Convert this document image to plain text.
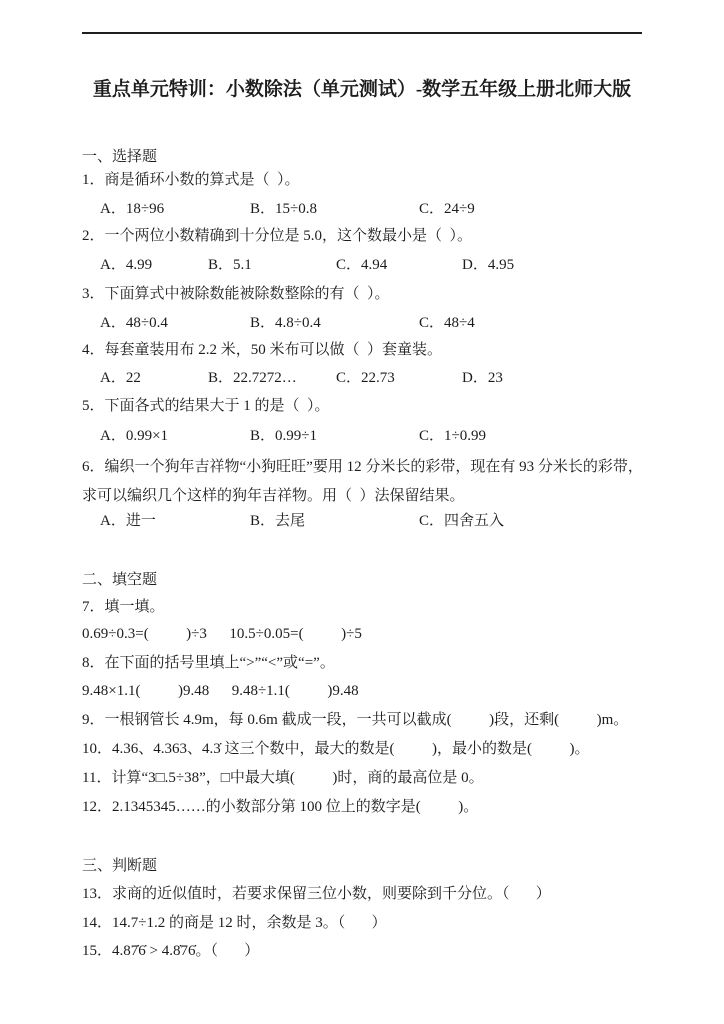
重点单元特训：小数除法（单元测试）-数学五年级上册北师大版
一、选择题
1．商是循环小数的算式是（  ）。
A．18÷96	B．15÷0.8	C．24÷9
2．一个两位小数精确到十分位是 5.0，这个数最小是（  ）。
A．4.99	B．5.1	C．4.94	D．4.95
3．下面算式中被除数能被除数整除的有（  ）。
A．48÷0.4	B．4.8÷0.4	C．48÷4
4．每套童装用布 2.2 米，50 米布可以做（  ）套童装。
A．22	B．22.7272…	C．22.73	D．23
5．下面各式的结果大于 1 的是（  ）。
A．0.99×1	B．0.99÷1	C．1÷0.99
6．编织一个狗年吉祥物“小狗旺旺”要用 12 分米长的彩带，现在有 93 分米长的彩带，求可以编织几个这样的狗年吉祥物。用（  ）法保留结果。
A．进一	B．去尾	C．四舍五入
二、填空题
7．填一填。
0.69÷0.3=(          )÷3      10.5÷0.05=(          )÷5
8．在下面的括号里填上“>”“<”或“=”。
9.48×1.1(          )9.48      9.48÷1.1(          )9.48
9．一根钢管长 4.9m，每 0.6m 截成一段，一共可以截成(          )段，还剩(          )m。
10．4.36、4.363、4.3̇ 这三个数中，最大的数是(          )，最小的数是(          )。
11．计算“3□.5÷38”，□中最大填(          )时，商的最高位是 0。
12．2.1345345……的小数部分第 100 位上的数字是(          )。
三、判断题
13．求商的近似值时，若要求保留三位小数，则要除到千分位。（       ）
14．14.7÷1.2 的商是 12 时，余数是 3。（       ）
15．4.87̇6̇ > 4.8̇76̇。（       ）
